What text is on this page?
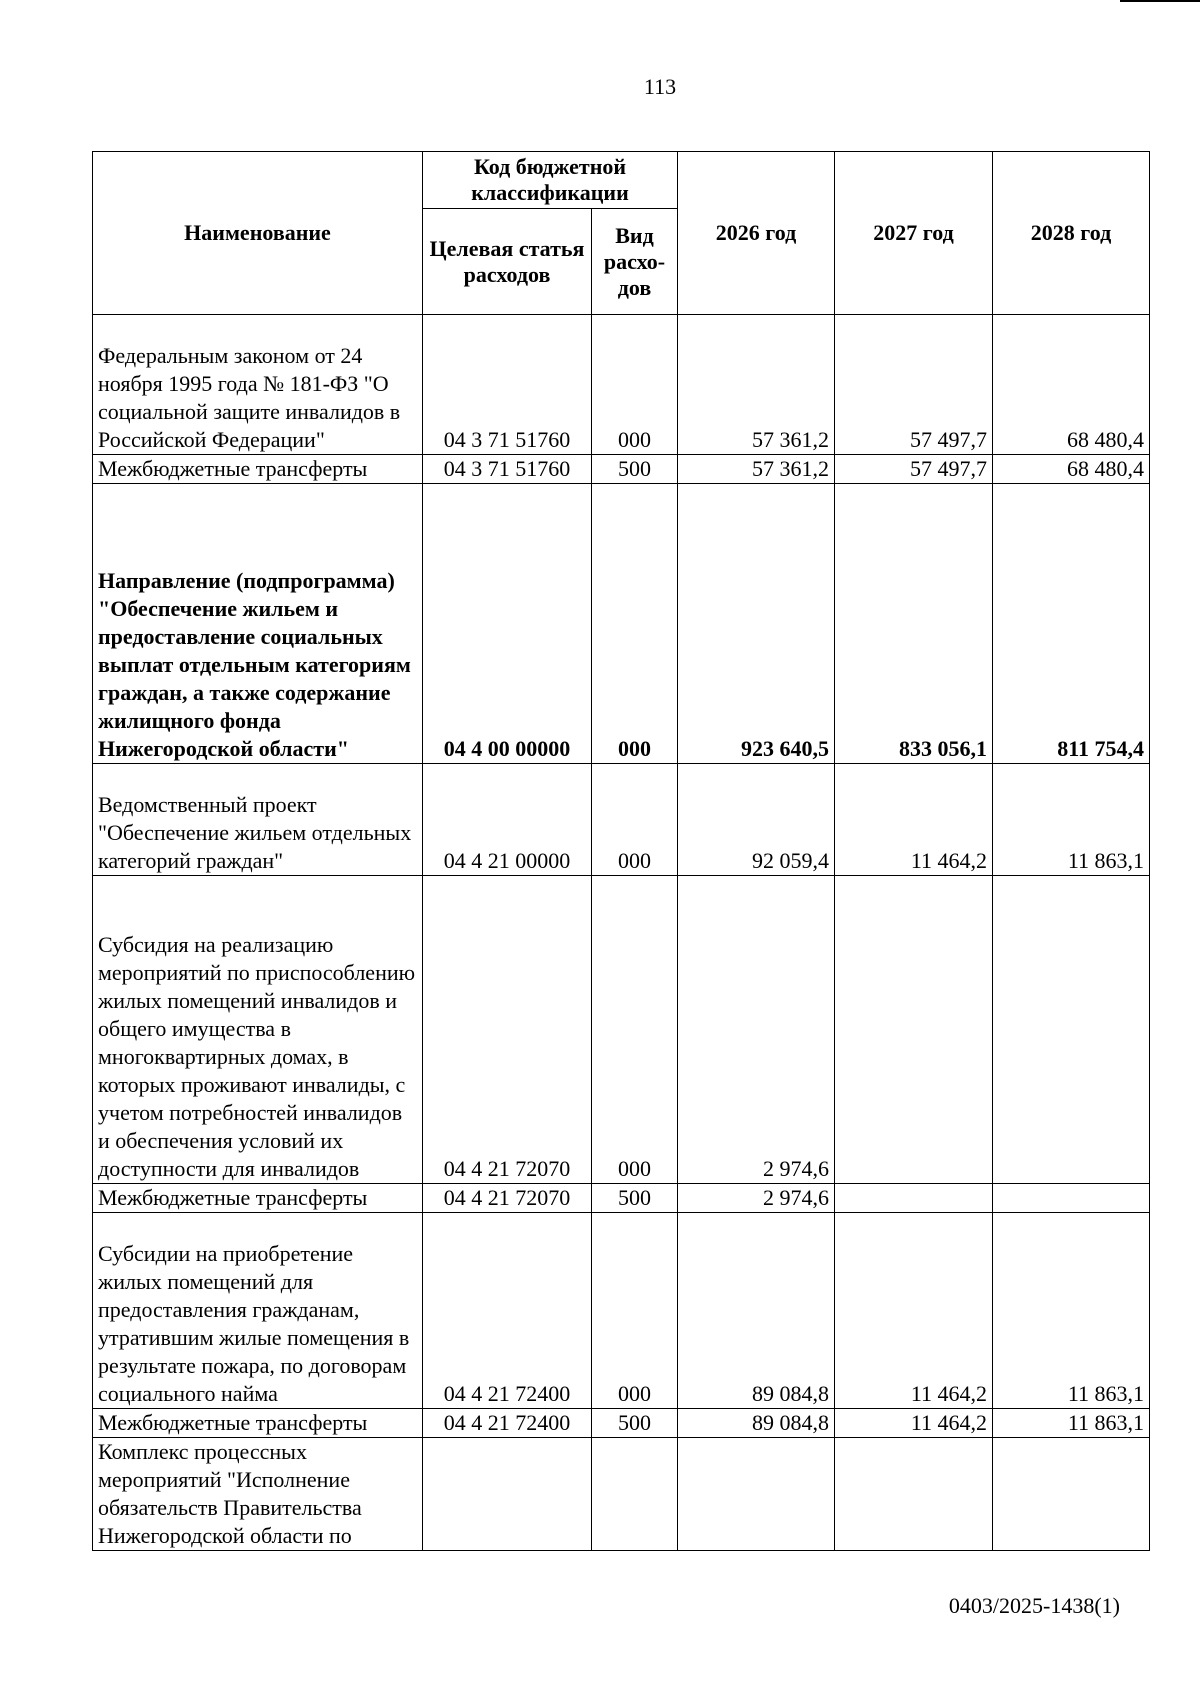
113
Наименование	Код бюджетной классификации		2026 год	2027 год	2028 год
	Целевая статья расходов	Вид расхо-дов			
Федеральным законом от 24 ноября 1995 года № 181-ФЗ "О социальной защите инвалидов в Российской Федерации"	04 3 71 51760	000	57 361,2	57 497,7	68 480,4
Межбюджетные трансферты	04 3 71 51760	500	57 361,2	57 497,7	68 480,4
Направление (подпрограмма) "Обеспечение жильем и предоставление социальных выплат отдельным категориям граждан, а также содержание жилищного фонда Нижегородской области"	04 4 00 00000	000	923 640,5	833 056,1	811 754,4
Ведомственный проект "Обеспечение жильем отдельных категорий граждан"	04 4 21 00000	000	92 059,4	11 464,2	11 863,1
Субсидия на реализацию мероприятий по приспособлению жилых помещений инвалидов и общего имущества в многоквартирных домах, в которых проживают инвалиды, с учетом потребностей инвалидов и обеспечения условий их доступности для инвалидов	04 4 21 72070	000	2 974,6		
Межбюджетные трансферты	04 4 21 72070	500	2 974,6		
Субсидии на приобретение жилых помещений для предоставления гражданам, утратившим жилые помещения в результате пожара, по договорам социального найма	04 4 21 72400	000	89 084,8	11 464,2	11 863,1
Межбюджетные трансферты	04 4 21 72400	500	89 084,8	11 464,2	11 863,1
Комплекс процессных мероприятий "Исполнение обязательств Правительства Нижегородской области по					
0403/2025-1438(1)
